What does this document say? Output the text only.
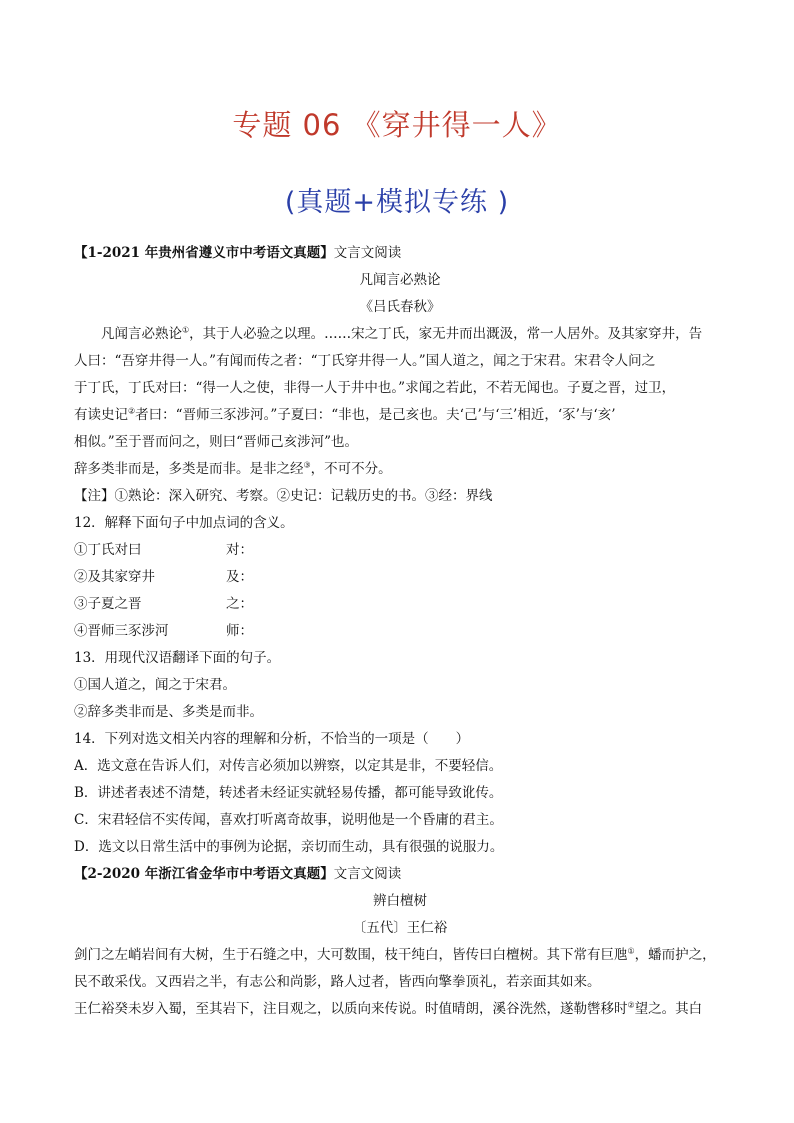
专题 06 《穿井得一人》
(真题+模拟专练 )
【1-2021 年贵州省遵义市中考语文真题】文言文阅读
凡闻言必熟论
《吕氏春秋》
凡闻言必熟论①，其于人必验之以理。……宋之丁氏，家无井而出溉汲，常一人居外。及其家穿井，告
人曰：“吾穿井得一人。”有闻而传之者：“丁氏穿井得一人。”国人道之，闻之于宋君。宋君令人问之
于丁氏，丁氏对曰：“得一人之使，非得一人于井中也。”求闻之若此，不若无闻也。子夏之晋，过卫，
有读史记②者曰：“晋师三豕涉河。”子夏曰：“非也，是己亥也。夫‘己’与‘三’相近，‘豕’与‘亥’
相似。”至于晋而问之，则曰“晋师己亥涉河”也。
辞多类非而是，多类是而非。是非之经③，不可不分。
【注】①熟论：深入研究、考察。②史记：记载历史的书。③经：界线
12．解释下面句子中加点词的含义。
①丁氏对曰	对：
②及其家穿井	及：
③子夏之晋	之：
④晋师三豕涉河	师：
13．用现代汉语翻译下面的句子。
①国人道之，闻之于宋君。
②辞多类非而是、多类是而非。
14．下列对选文相关内容的理解和分析，不恰当的一项是（　　）
A．选文意在告诉人们，对传言必须加以辨察，以定其是非，不要轻信。
B．讲述者表述不清楚，转述者未经证实就轻易传播，都可能导致讹传。
C．宋君轻信不实传闻，喜欢打听离奇故事，说明他是一个昏庸的君主。
D．选文以日常生活中的事例为论据，亲切而生动，具有很强的说服力。
【2-2020 年浙江省金华市中考语文真题】文言文阅读
辨白檀树
〔五代〕王仁裕
剑门之左峭岩间有大树，生于石缝之中，大可数围，枝干纯白，皆传曰白檀树。其下常有巨虺①，蟠而护之，
民不敢采伐。又西岩之半，有志公和尚影，路人过者，皆西向擎拳顶礼，若亲面其如来。
王仁裕癸未岁入蜀，至其岩下，注目观之，以质向来传说。时值晴朗，溪谷洗然，遂勒辔移时②望之。其白
